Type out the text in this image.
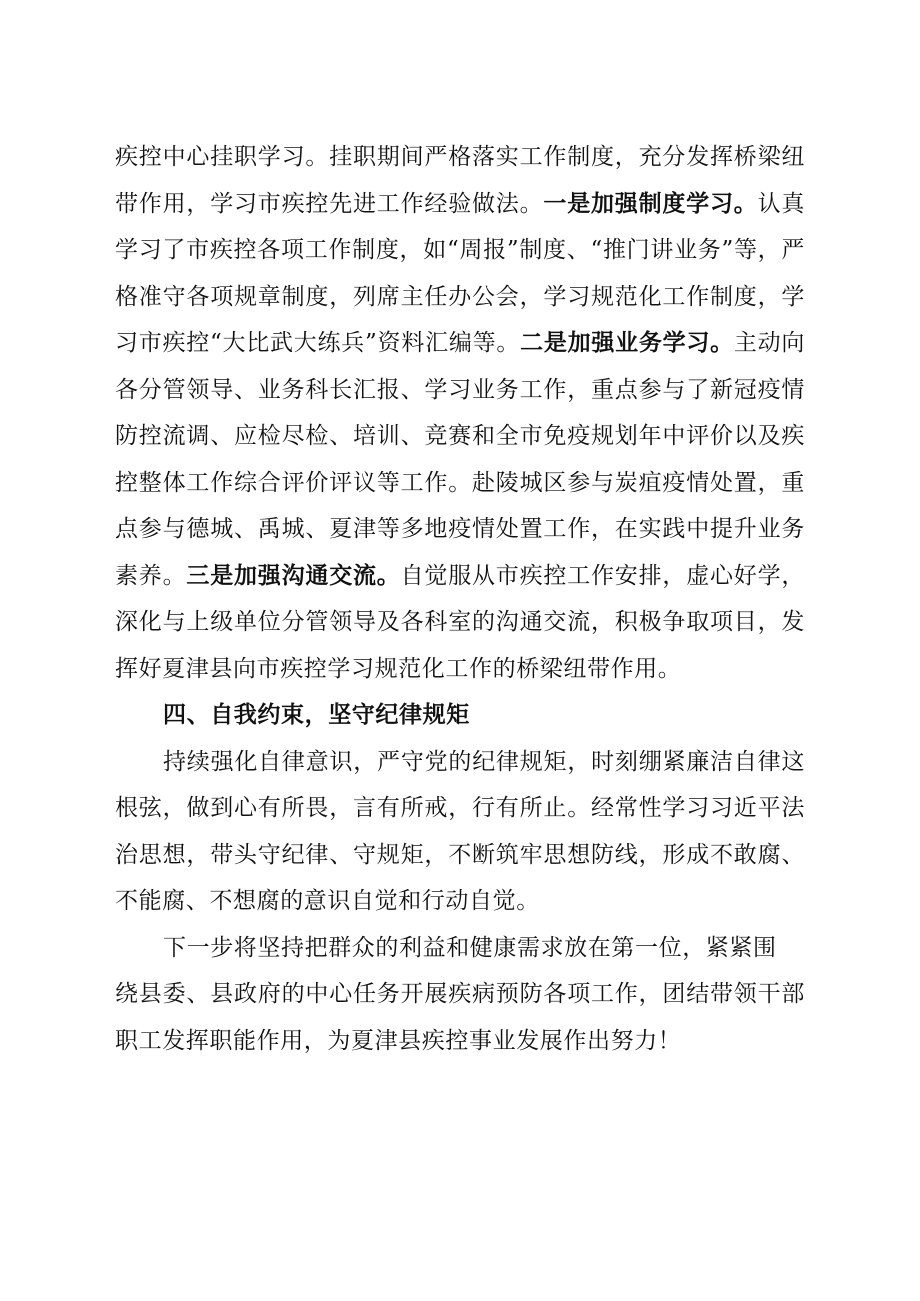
疾控中心挂职学习。挂职期间严格落实工作制度，充分发挥桥梁纽带作用，学习市疾控先进工作经验做法。一是加强制度学习。认真学习了市疾控各项工作制度，如“周报”制度、“推门讲业务”等，严格准守各项规章制度，列席主任办公会，学习规范化工作制度，学习市疾控“大比武大练兵”资料汇编等。二是加强业务学习。主动向各分管领导、业务科长汇报、学习业务工作，重点参与了新冠疫情防控流调、应检尽检、培训、竞赛和全市免疫规划年中评价以及疾控整体工作综合评价评议等工作。赴陵城区参与炭疽疫情处置，重点参与德城、禹城、夏津等多地疫情处置工作，在实践中提升业务素养。三是加强沟通交流。自觉服从市疾控工作安排，虚心好学，深化与上级单位分管领导及各科室的沟通交流，积极争取项目，发挥好夏津县向市疾控学习规范化工作的桥梁纽带作用。

四、自我约束，坚守纪律规矩

持续强化自律意识，严守党的纪律规矩，时刻绷紧廉洁自律这根弦，做到心有所畏，言有所戒，行有所止。经常性学习习近平法治思想，带头守纪律、守规矩，不断筑牢思想防线，形成不敢腐、不能腐、不想腐的意识自觉和行动自觉。

下一步将坚持把群众的利益和健康需求放在第一位，紧紧围
绕县委、县政府的中心任务开展疾病预防各项工作，团结带领干部职工发挥职能作用，为夏津县疾控事业发展作出努力！
